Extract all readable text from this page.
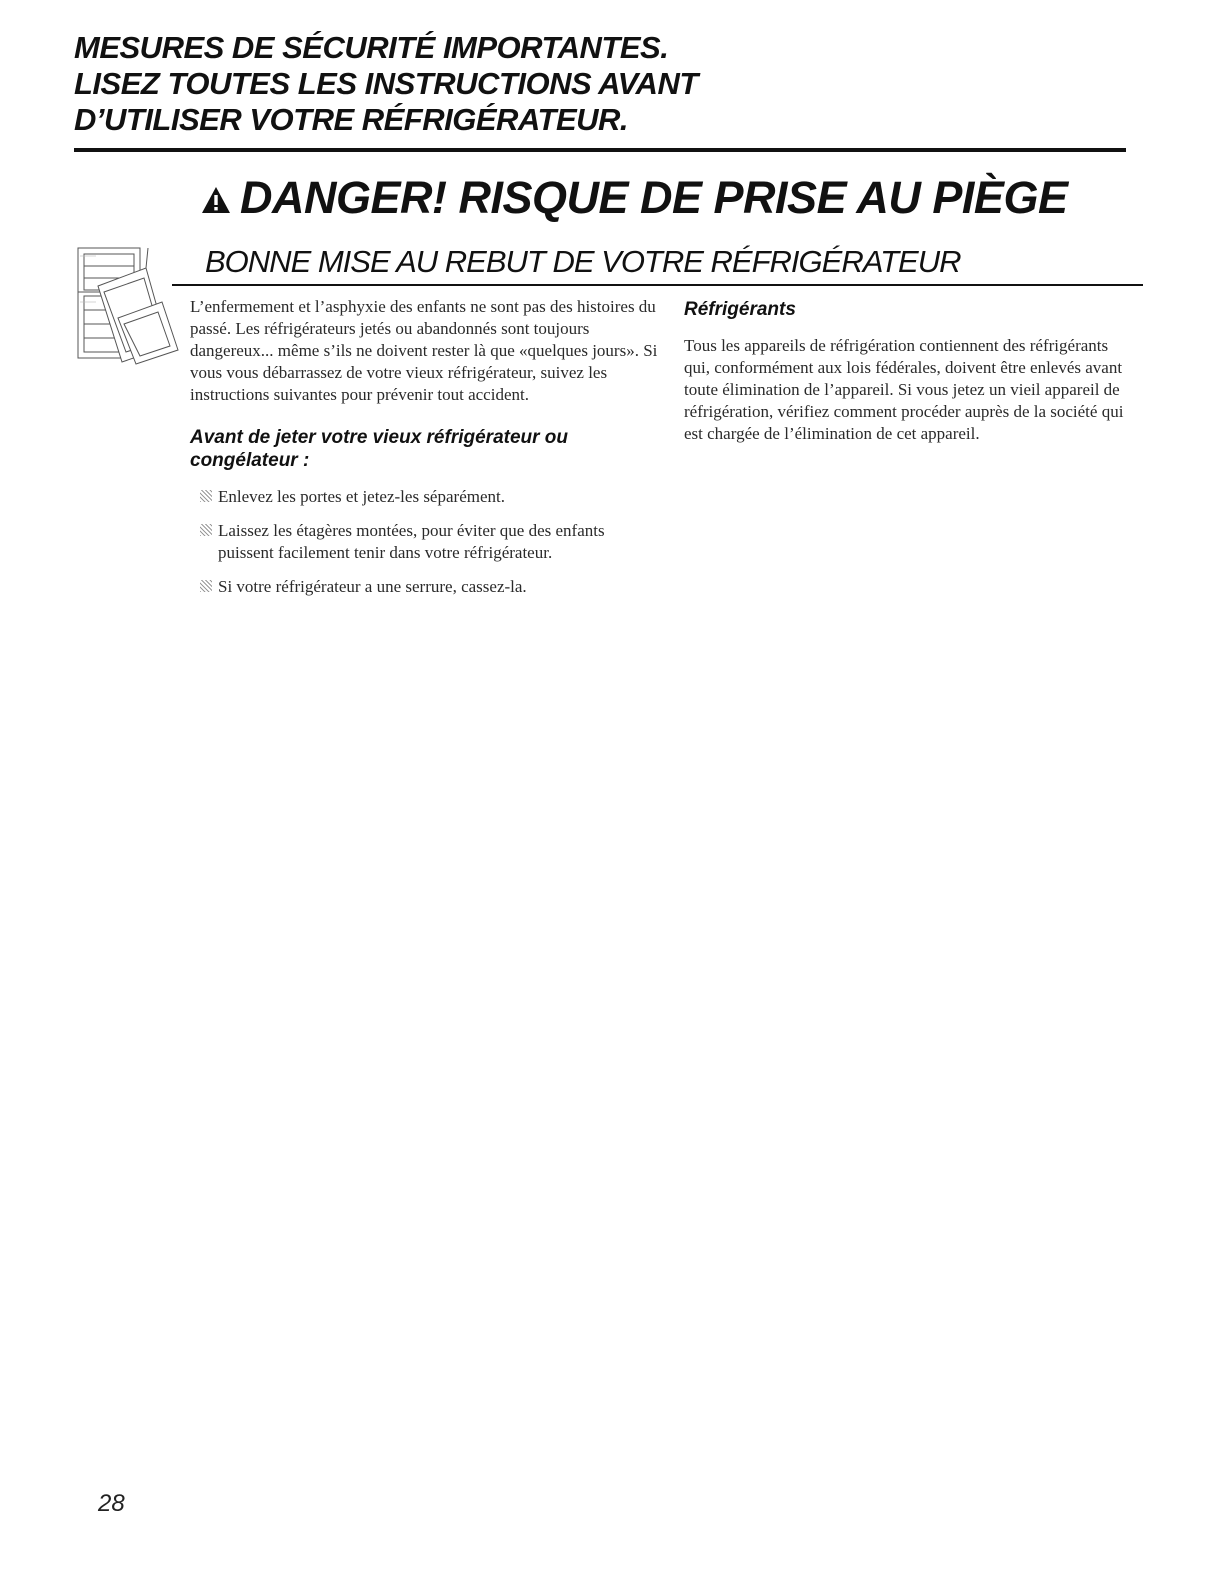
MESURES DE SÉCURITÉ IMPORTANTES.
LISEZ TOUTES LES INSTRUCTIONS AVANT
D’UTILISER VOTRE RÉFRIGÉRATEUR.
DANGER! RISQUE DE PRISE AU PIÈGE
BONNE MISE AU REBUT DE VOTRE RÉFRIGÉRATEUR

L’enfermement et l’asphyxie des enfants ne sont pas des histoires du passé. Les réfrigérateurs jetés ou abandonnés sont toujours dangereux... même s’ils ne doivent rester là que «quelques jours». Si vous vous débarrassez de votre vieux réfrigérateur, suivez les instructions suivantes pour prévenir tout accident.

Avant de jeter votre vieux réfrigérateur ou congélateur :

Enlevez les portes et jetez-les séparément.

Laissez les étagères montées, pour éviter que des enfants puissent facilement tenir dans votre réfrigérateur.

Si votre réfrigérateur a une serrure, cassez-la.

Réfrigérants

Tous les appareils de réfrigération contiennent des réfrigérants qui, conformément aux lois fédérales, doivent être enlevés avant toute élimination de l’appareil. Si vous jetez un vieil appareil de réfrigération, vérifiez comment procéder auprès de la société qui est chargée de l’élimination de cet appareil.

28
